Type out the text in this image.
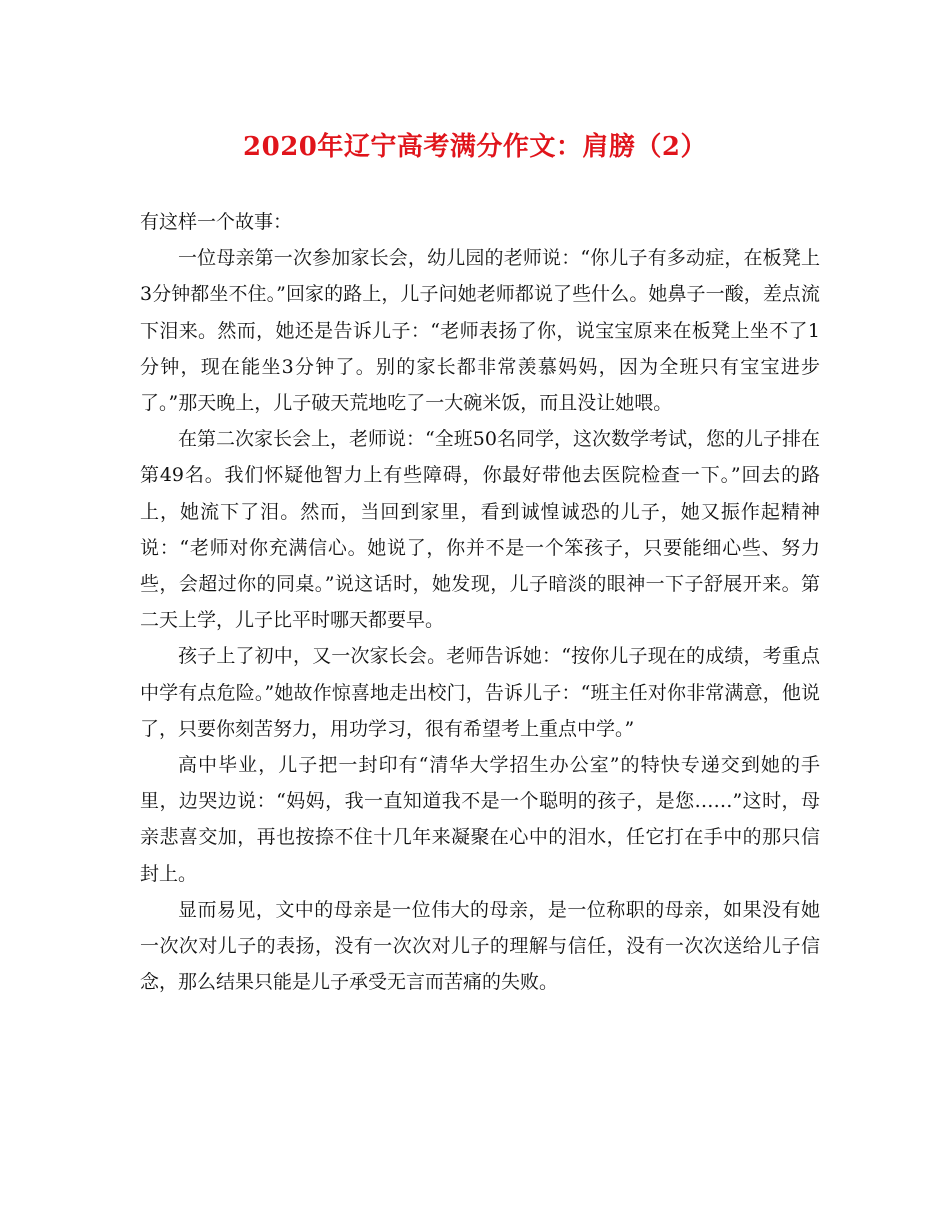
2020年辽宁高考满分作文：肩膀（2）

有这样一个故事：

一位母亲第一次参加家长会，幼儿园的老师说：“你儿子有多动症，在板凳上3分钟都坐不住。”回家的路上，儿子问她老师都说了些什么。她鼻子一酸，差点流下泪来。然而，她还是告诉儿子：“老师表扬了你，说宝宝原来在板凳上坐不了1分钟，现在能坐3分钟了。别的家长都非常羡慕妈妈，因为全班只有宝宝进步了。”那天晚上，儿子破天荒地吃了一大碗米饭，而且没让她喂。

在第二次家长会上，老师说：“全班50名同学，这次数学考试，您的儿子排在第49名。我们怀疑他智力上有些障碍，你最好带他去医院检查一下。”回去的路上，她流下了泪。然而，当回到家里，看到诚惶诚恐的儿子，她又振作起精神说：“老师对你充满信心。她说了，你并不是一个笨孩子，只要能细心些、努力些，会超过你的同桌。”说这话时，她发现，儿子暗淡的眼神一下子舒展开来。第二天上学，儿子比平时哪天都要早。

孩子上了初中，又一次家长会。老师告诉她：“按你儿子现在的成绩，考重点中学有点危险。”她故作惊喜地走出校门，告诉儿子：“班主任对你非常满意，他说了，只要你刻苦努力，用功学习，很有希望考上重点中学。”

高中毕业，儿子把一封印有“清华大学招生办公室”的特快专递交到她的手里，边哭边说：“妈妈，我一直知道我不是一个聪明的孩子，是您……”这时，母亲悲喜交加，再也按捺不住十几年来凝聚在心中的泪水，任它打在手中的那只信封上。

显而易见，文中的母亲是一位伟大的母亲，是一位称职的母亲，如果没有她一次次对儿子的表扬，没有一次次对儿子的理解与信任，没有一次次送给儿子信念，那么结果只能是儿子承受无言而苦痛的失败。
